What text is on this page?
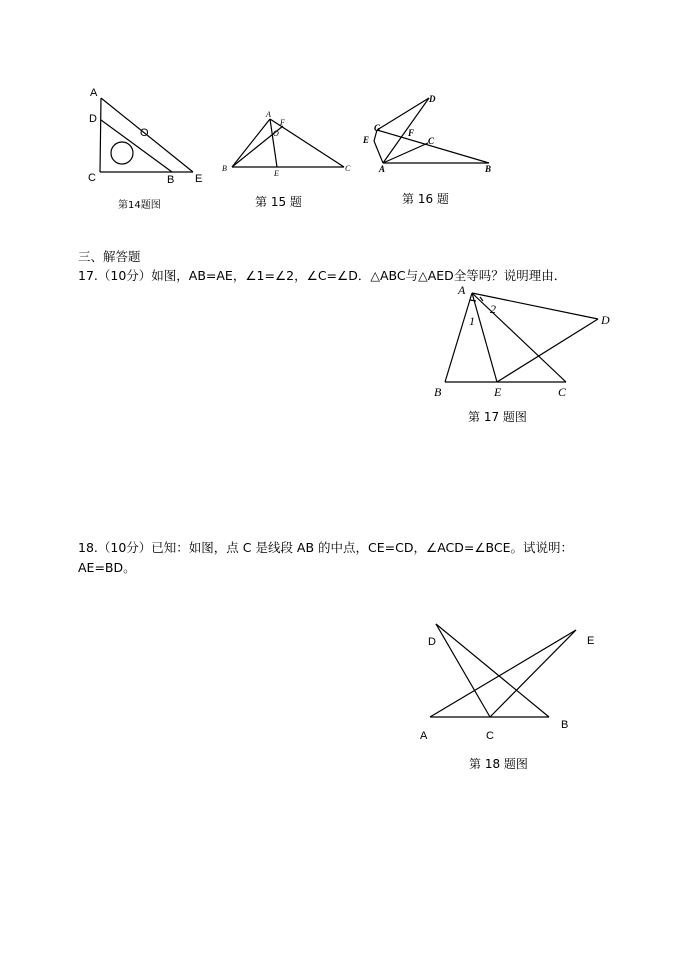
A
D
O
C	B E
第14题图
A
F
O
B
E
C
第 15 题
D
G
E
F
C
A	B
第 16 题
三、解答题
17.（10分）如图，AB=AE，∠1=∠2，∠C=∠D．△ABC与△AED全等吗？说明理由．
A
1
2
D
B	E	C
第 17 题图
18.（10分）已知：如图，点 C 是线段 AB 的中点，CE=CD，∠ACD=∠BCE。试说明：
AE=BD。
D	E
A	C
B
第 18 题图
